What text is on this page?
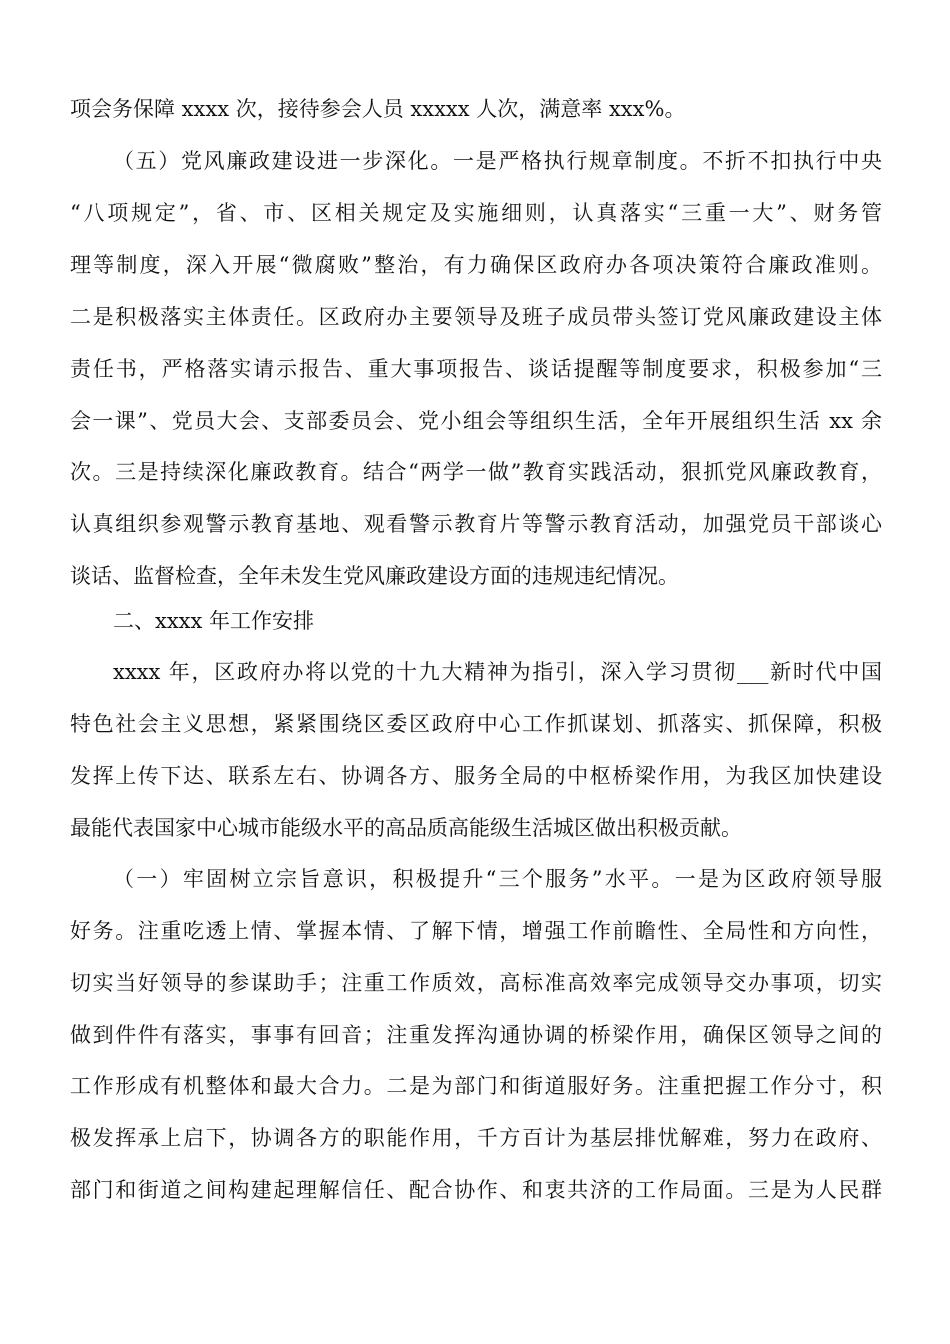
项会务保障 xxxx 次，接待参会人员 xxxxx 人次，满意率 xxx%。
（五）党风廉政建设进一步深化。一是严格执行规章制度。不折不扣执行中央
“八项规定”，省、市、区相关规定及实施细则，认真落实“三重一大”、财务管
理等制度，深入开展“微腐败”整治，有力确保区政府办各项决策符合廉政准则。
二是积极落实主体责任。区政府办主要领导及班子成员带头签订党风廉政建设主体
责任书，严格落实请示报告、重大事项报告、谈话提醒等制度要求，积极参加“三
会一课”、党员大会、支部委员会、党小组会等组织生活，全年开展组织生活 xx 余
次。三是持续深化廉政教育。结合“两学一做”教育实践活动，狠抓党风廉政教育，
认真组织参观警示教育基地、观看警示教育片等警示教育活动，加强党员干部谈心
谈话、监督检查，全年未发生党风廉政建设方面的违规违纪情况。
二、xxxx 年工作安排
xxxx 年，区政府办将以党的十九大精神为指引，深入学习贯彻___新时代中国
特色社会主义思想，紧紧围绕区委区政府中心工作抓谋划、抓落实、抓保障，积极
发挥上传下达、联系左右、协调各方、服务全局的中枢桥梁作用，为我区加快建设
最能代表国家中心城市能级水平的高品质高能级生活城区做出积极贡献。
（一）牢固树立宗旨意识，积极提升“三个服务”水平。一是为区政府领导服
好务。注重吃透上情、掌握本情、了解下情，增强工作前瞻性、全局性和方向性，
切实当好领导的参谋助手；注重工作质效，高标准高效率完成领导交办事项，切实
做到件件有落实，事事有回音；注重发挥沟通协调的桥梁作用，确保区领导之间的
工作形成有机整体和最大合力。二是为部门和街道服好务。注重把握工作分寸，积
极发挥承上启下，协调各方的职能作用，千方百计为基层排忧解难，努力在政府、
部门和街道之间构建起理解信任、配合协作、和衷共济的工作局面。三是为人民群
